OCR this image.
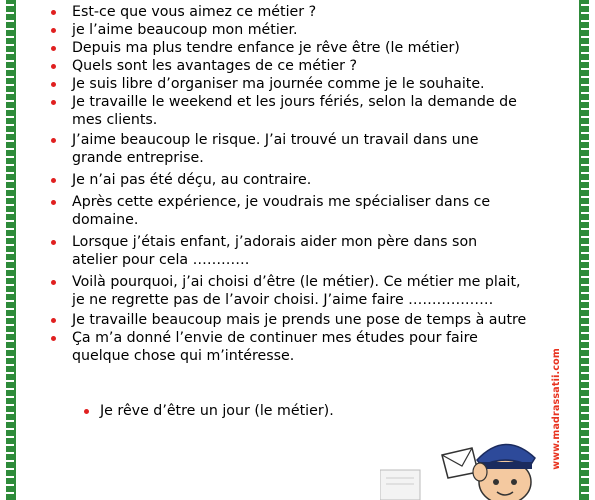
Est-ce que vous aimez ce métier ?
je l’aime beaucoup mon métier.
Depuis ma plus tendre enfance je rêve être (le métier)
Quels sont les avantages de ce métier ?
Je suis libre d’organiser ma journée comme je le souhaite.
Je travaille le weekend et les jours fériés, selon la demande de mes clients.
J’aime beaucoup le risque. J’ai trouvé un travail dans une grande entreprise.
Je n’ai pas été déçu, au contraire.
Après cette expérience, je voudrais me spécialiser dans ce domaine.
Lorsque j’étais enfant, j’adorais aider mon père dans son atelier pour cela …………
Voilà pourquoi, j’ai choisi d’être (le métier). Ce métier me plait, je ne regrette pas de l’avoir choisi. J’aime faire ………………
Je travaille beaucoup mais je prends une pose de temps à autre
Ça m’a donné l’envie de continuer mes études pour faire quelque chose qui m’intéresse.
Je rêve d’être un jour (le métier).	www.madrassatii.com
